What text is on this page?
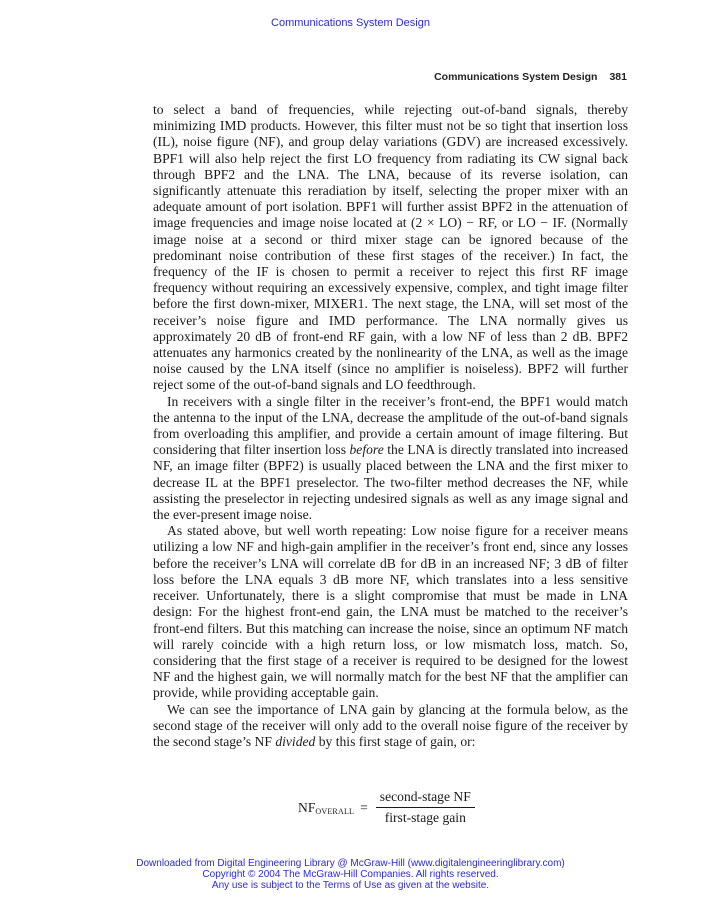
Communications System Design
Communications System Design 381

to select a band of frequencies, while rejecting out-of-band signals, thereby minimizing IMD products. However, this filter must not be so tight that insertion loss (IL), noise figure (NF), and group delay variations (GDV) are increased excessively. BPF1 will also help reject the first LO frequency from radiating its CW signal back through BPF2 and the LNA. The LNA, because of its reverse isolation, can significantly attenuate this reradiation by itself, selecting the proper mixer with an adequate amount of port isolation. BPF1 will further assist BPF2 in the attenuation of image frequencies and image noise located at (2 × LO) − RF, or LO − IF. (Normally image noise at a second or third mixer stage can be ignored because of the predominant noise contribution of these first stages of the receiver.) In fact, the frequency of the IF is chosen to permit a receiver to reject this first RF image frequency without requiring an excessively expensive, complex, and tight image filter before the first down-mixer, MIXER1. The next stage, the LNA, will set most of the receiver’s noise figure and IMD performance. The LNA normally gives us approximately 20 dB of front-end RF gain, with a low NF of less than 2 dB. BPF2 attenuates any harmonics created by the nonlinearity of the LNA, as well as the image noise caused by the LNA itself (since no amplifier is noiseless). BPF2 will further reject some of the out-of-band signals and LO feedthrough.

In receivers with a single filter in the receiver’s front-end, the BPF1 would match the antenna to the input of the LNA, decrease the amplitude of the out-of-band signals from overloading this amplifier, and provide a certain amount of image filtering. But considering that filter insertion loss before the LNA is directly translated into increased NF, an image filter (BPF2) is usually placed between the LNA and the first mixer to decrease IL at the BPF1 preselector. The two-filter method decreases the NF, while assisting the preselector in rejecting undesired signals as well as any image signal and the ever-present image noise.

As stated above, but well worth repeating: Low noise figure for a receiver means utilizing a low NF and high-gain amplifier in the receiver’s front end, since any losses before the receiver’s LNA will correlate dB for dB in an increased NF; 3 dB of filter loss before the LNA equals 3 dB more NF, which translates into a less sensitive receiver. Unfortunately, there is a slight compromise that must be made in LNA design: For the highest front-end gain, the LNA must be matched to the receiver’s front-end filters. But this matching can increase the noise, since an optimum NF match will rarely coincide with a high return loss, or low mismatch loss, match. So, considering that the first stage of a receiver is required to be designed for the lowest NF and the highest gain, we will normally match for the best NF that the amplifier can provide, while providing acceptable gain.

We can see the importance of LNA gain by glancing at the formula below, as the second stage of the receiver will only add to the overall noise figure of the receiver by the second stage’s NF divided by this first stage of gain, or:

$NF_{OVERALL} = \frac{\text{second-stage NF}}{\text{first-stage gain}}$
Downloaded from Digital Engineering Library @ McGraw-Hill (www.digitalengineeringlibrary.com)
Copyright © 2004 The McGraw-Hill Companies. All rights reserved.
Any use is subject to the Terms of Use as given at the website.
